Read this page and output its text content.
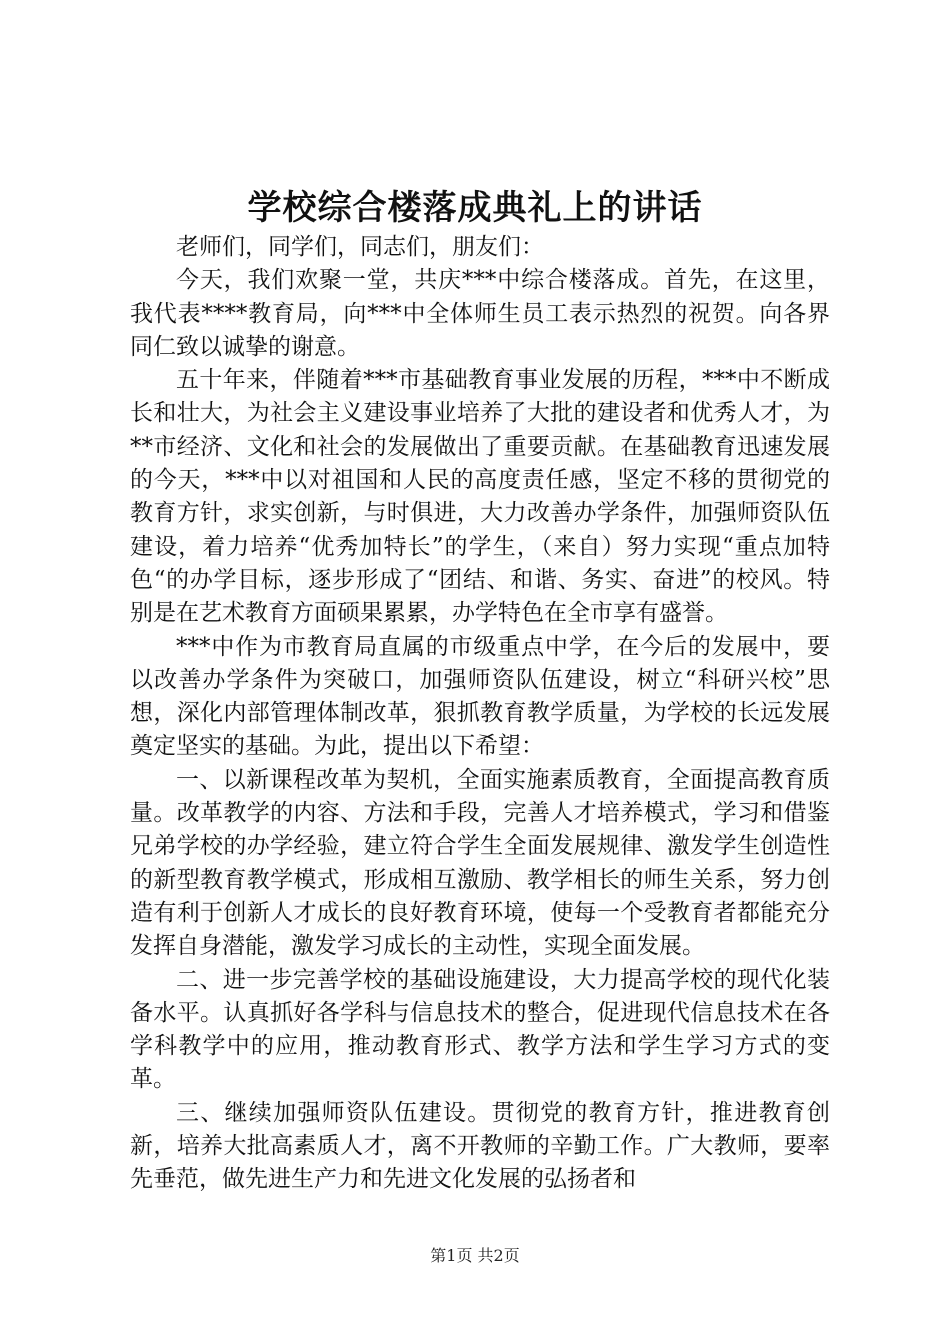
学校综合楼落成典礼上的讲话

老师们，同学们，同志们，朋友们：

今天，我们欢聚一堂，共庆***中综合楼落成。首先，在这里，我代表****教育局，向***中全体师生员工表示热烈的祝贺。向各界同仁致以诚挚的谢意。

五十年来，伴随着***市基础教育事业发展的历程，***中不断成长和壮大，为社会主义建设事业培养了大批的建设者和优秀人才，为**市经济、文化和社会的发展做出了重要贡献。在基础教育迅速发展的今天，***中以对祖国和人民的高度责任感，坚定不移的贯彻党的教育方针，求实创新，与时俱进，大力改善办学条件，加强师资队伍建设，着力培养“优秀加特长”的学生，（来自）努力实现“重点加特色“的办学目标，逐步形成了“团结、和谐、务实、奋进”的校风。特别是在艺术教育方面硕果累累，办学特色在全市享有盛誉。

***中作为市教育局直属的市级重点中学，在今后的发展中，要以改善办学条件为突破口，加强师资队伍建设，树立“科研兴校”思想，深化内部管理体制改革，狠抓教育教学质量，为学校的长远发展奠定坚实的基础。为此，提出以下希望：

一、以新课程改革为契机，全面实施素质教育，全面提高教育质量。改革教学的内容、方法和手段，完善人才培养模式，学习和借鉴兄弟学校的办学经验，建立符合学生全面发展规律、激发学生创造性的新型教育教学模式，形成相互激励、教学相长的师生关系，努力创造有利于创新人才成长的良好教育环境，使每一个受教育者都能充分发挥自身潜能，激发学习成长的主动性，实现全面发展。

二、进一步完善学校的基础设施建设，大力提高学校的现代化装备水平。认真抓好各学科与信息技术的整合，促进现代信息技术在各学科教学中的应用，推动教育形式、教学方法和学生学习方式的变革。

三、继续加强师资队伍建设。贯彻党的教育方针，推进教育创新，培养大批高素质人才，离不开教师的辛勤工作。广大教师，要率先垂范，做先进生产力和先进文化发展的弘扬者和

第1页 共2页
